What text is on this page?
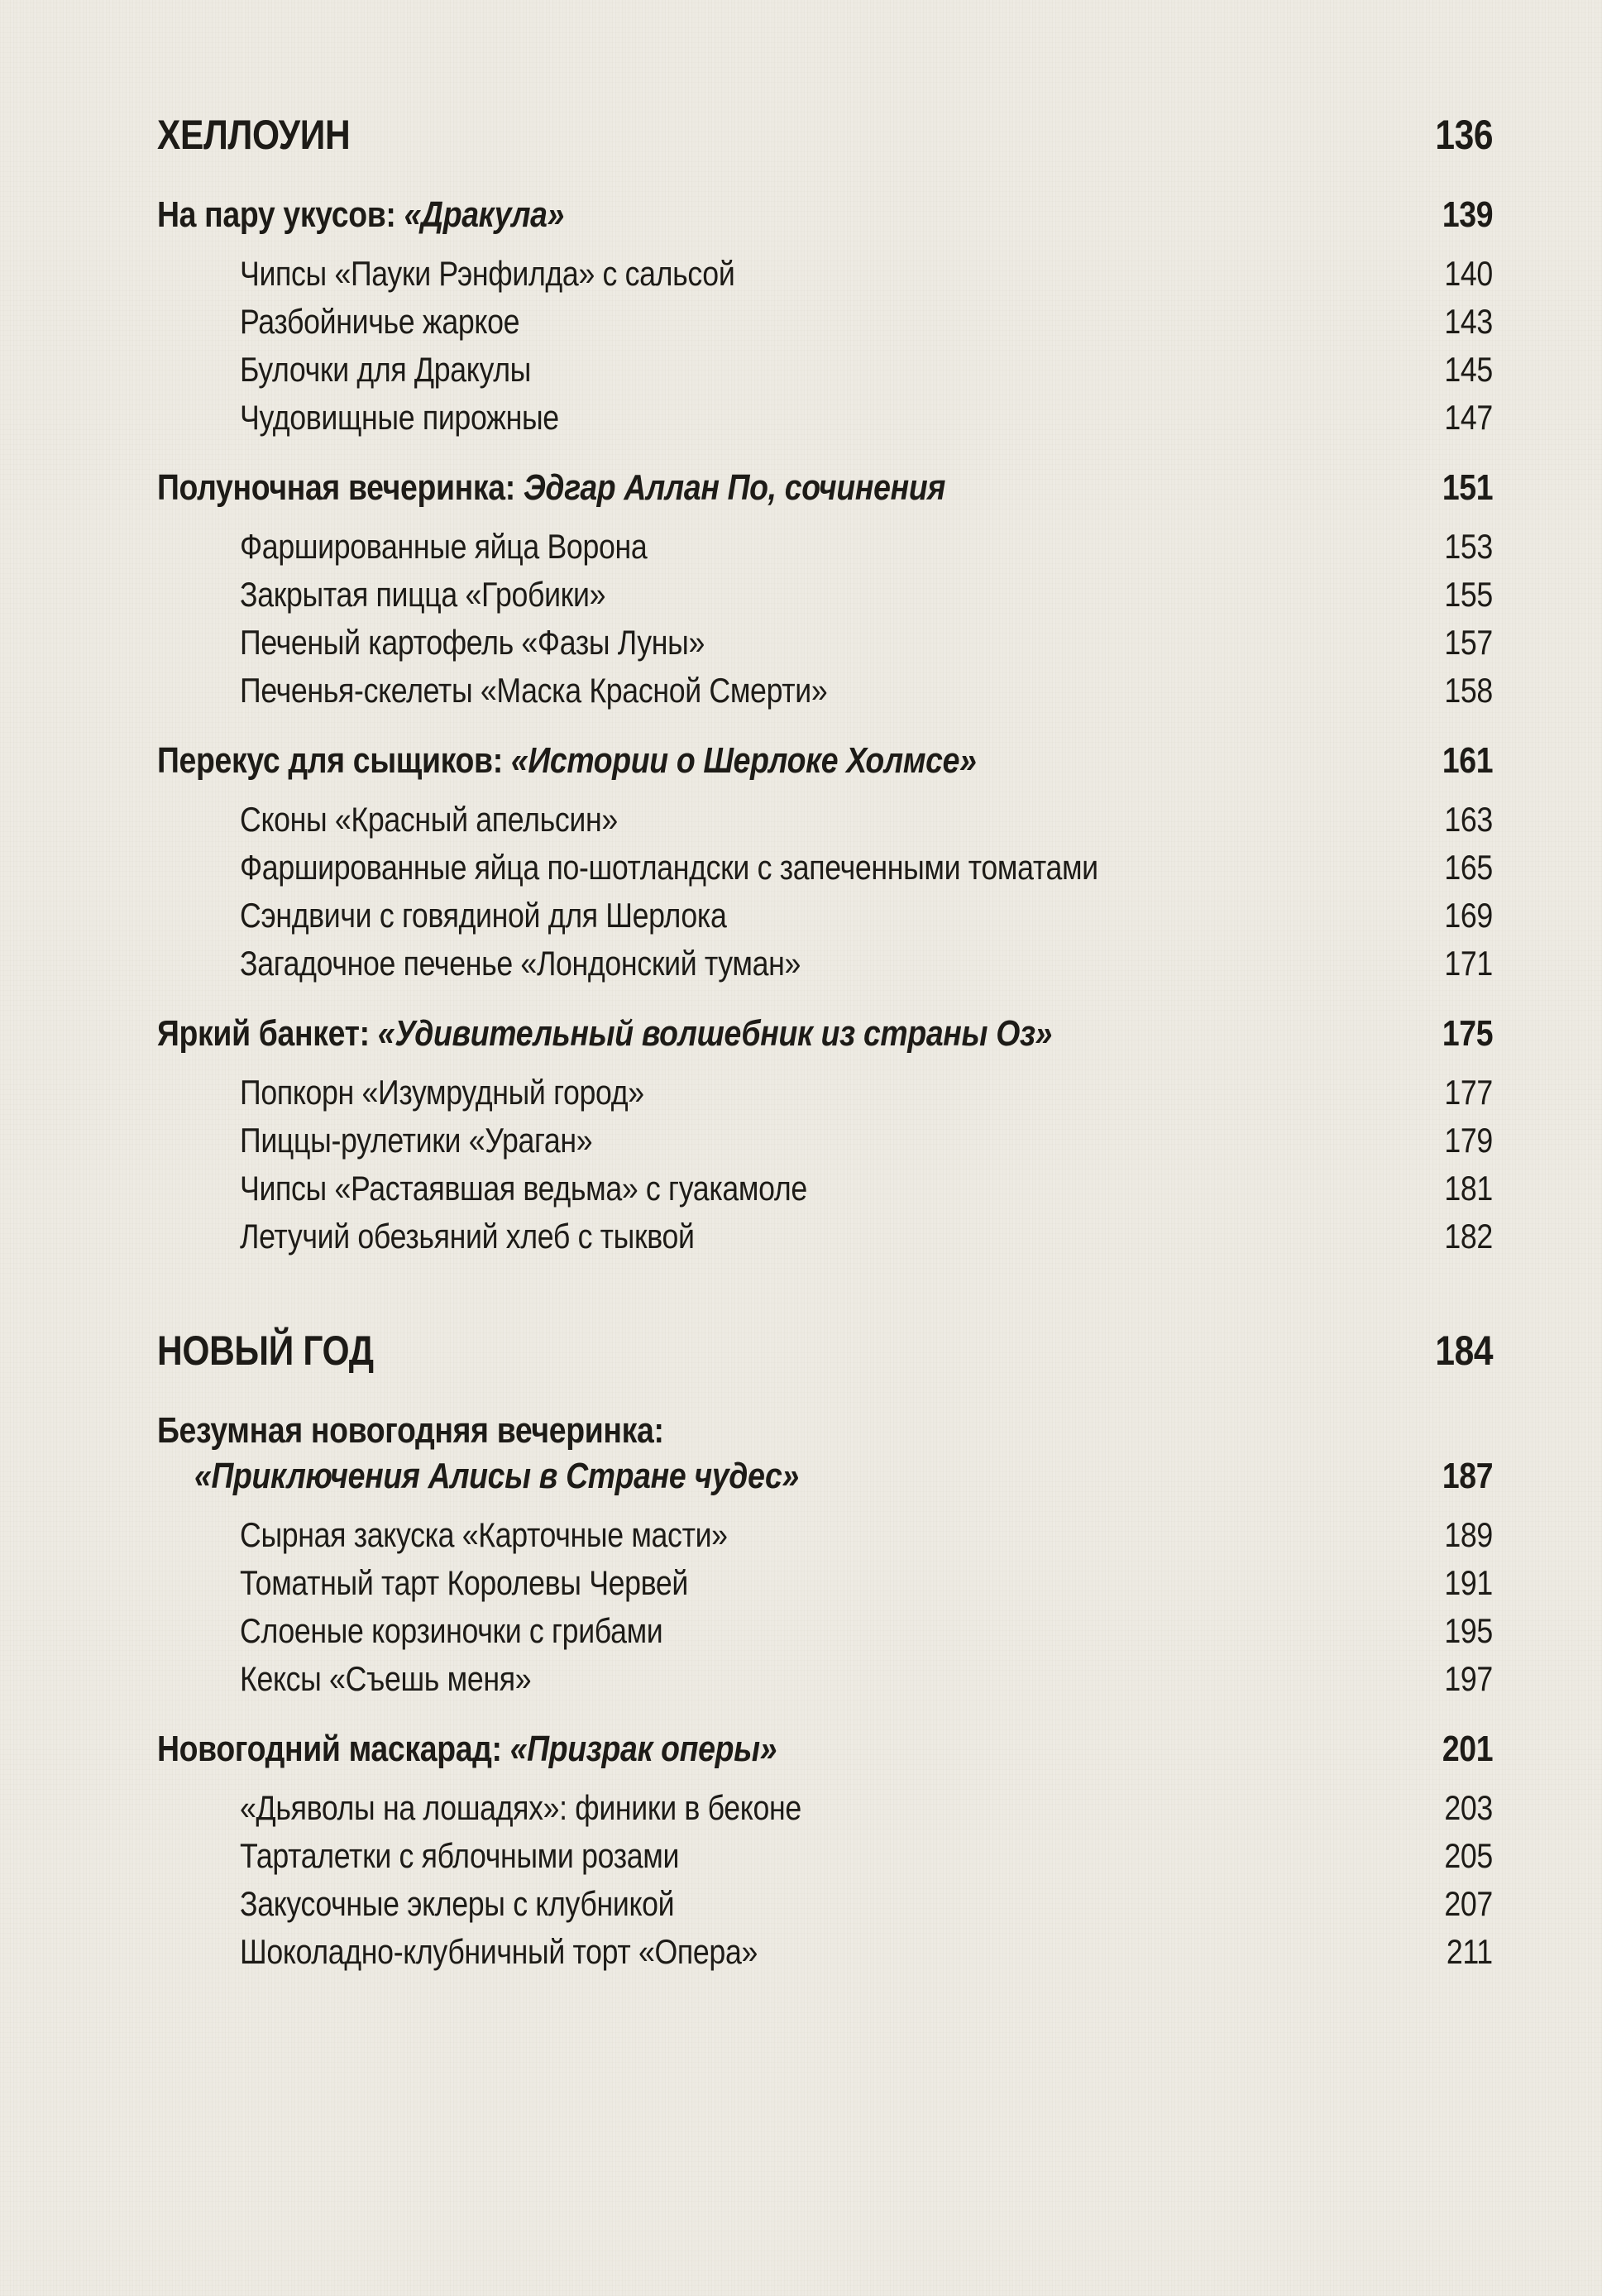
ХЕЛЛОУИН	136
На пару укусов: «Дракула»	139
Чипсы «Пауки Рэнфилда» с сальсой	140
Разбойничье жаркое	143
Булочки для Дракулы	145
Чудовищные пирожные	147
Полуночная вечеринка: Эдгар Аллан По, сочинения	151
Фаршированные яйца Ворона	153
Закрытая пицца «Гробики»	155
Печеный картофель «Фазы Луны»	157
Печенья-скелеты «Маска Красной Смерти»	158
Перекус для сыщиков: «Истории о Шерлоке Холмсе»	161
Сконы «Красный апельсин»	163
Фаршированные яйца по-шотландски с запеченными томатами	165
Сэндвичи с говядиной для Шерлока	169
Загадочное печенье «Лондонский туман»	171
Яркий банкет: «Удивительный волшебник из страны Оз»	175
Попкорн «Изумрудный город»	177
Пиццы-рулетики «Ураган»	179
Чипсы «Растаявшая ведьма» с гуакамоле	181
Летучий обезьяний хлеб с тыквой	182
НОВЫЙ ГОД	184
Безумная новогодняя вечеринка:
«Приключения Алисы в Стране чудес»	187
Сырная закуска «Карточные масти»	189
Томатный тарт Королевы Червей	191
Слоеные корзиночки с грибами	195
Кексы «Съешь меня»	197
Новогодний маскарад: «Призрак оперы»	201
«Дьяволы на лошадях»: финики в беконе	203
Тарталетки с яблочными розами	205
Закусочные эклеры с клубникой	207
Шоколадно-клубничный торт «Опера»	211
